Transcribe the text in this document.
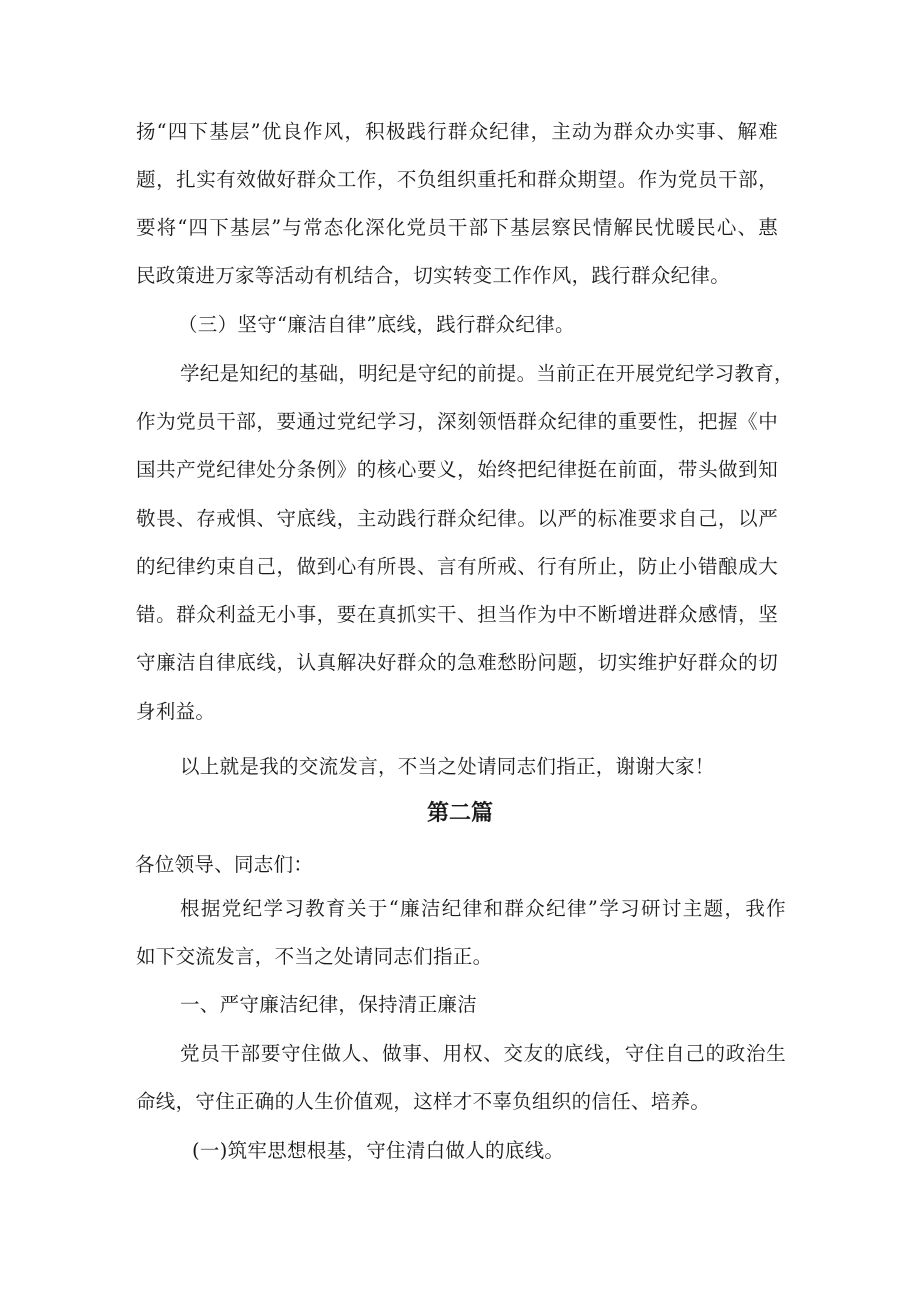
扬“四下基层”优良作风，积极践行群众纪律，主动为群众办实事、解难
题，扎实有效做好群众工作，不负组织重托和群众期望。作为党员干部，
要将“四下基层”与常态化深化党员干部下基层察民情解民忧暖民心、惠
民政策进万家等活动有机结合，切实转变工作作风，践行群众纪律。
（三）坚守“廉洁自律”底线，践行群众纪律。
学纪是知纪的基础，明纪是守纪的前提。当前正在开展党纪学习教育，
作为党员干部，要通过党纪学习，深刻领悟群众纪律的重要性，把握《中
国共产党纪律处分条例》的核心要义，始终把纪律挺在前面，带头做到知
敬畏、存戒惧、守底线，主动践行群众纪律。以严的标准要求自己，以严
的纪律约束自己，做到心有所畏、言有所戒、行有所止，防止小错酿成大
错。群众利益无小事，要在真抓实干、担当作为中不断增进群众感情，坚
守廉洁自律底线，认真解决好群众的急难愁盼问题，切实维护好群众的切
身利益。
以上就是我的交流发言，不当之处请同志们指正，谢谢大家！
第二篇
各位领导、同志们：
根据党纪学习教育关于“廉洁纪律和群众纪律”学习研讨主题，我作
如下交流发言，不当之处请同志们指正。
一、严守廉洁纪律，保持清正廉洁
党员干部要守住做人、做事、用权、交友的底线，守住自己的政治生
命线，守住正确的人生价值观，这样才不辜负组织的信任、培养。
(一)筑牢思想根基，守住清白做人的底线。
